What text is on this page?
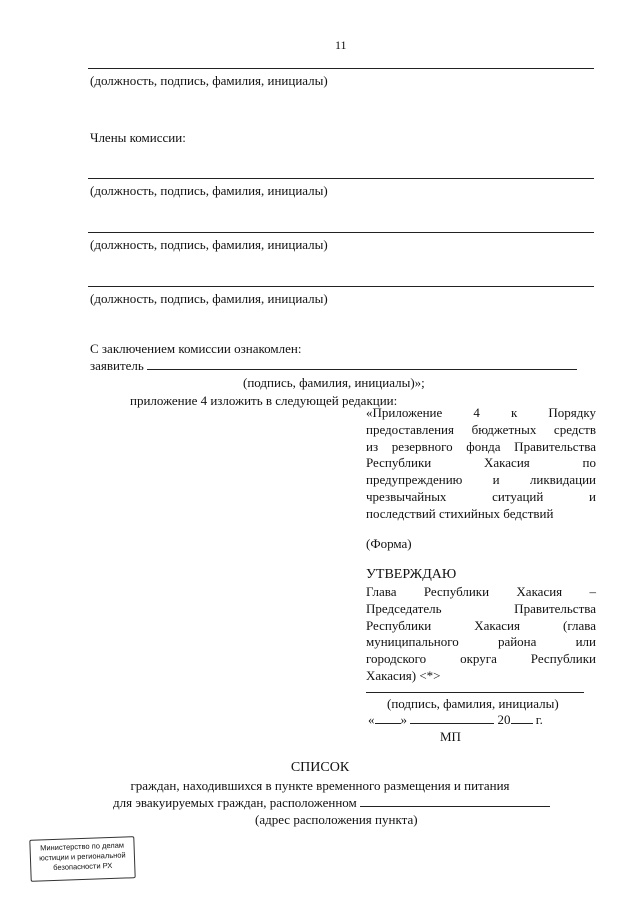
11
(должность, подпись, фамилия, инициалы)
Члены комиссии:
(должность, подпись, фамилия, инициалы)
(должность, подпись, фамилия, инициалы)
(должность, подпись, фамилия, инициалы)
С заключением комиссии ознакомлен:
заявитель
(подпись, фамилия, инициалы)»;
приложение 4 изложить в следующей редакции:
«Приложение 4 к Порядку
предоставления бюджетных средств
из резервного фонда Правительства
Республики Хакасия по
предупреждению и ликвидации
чрезвычайных ситуаций и
последствий стихийных бедствий
(Форма)
УТВЕРЖДАЮ
Глава Республики Хакасия –
Председатель Правительства
Республики Хакасия (глава
муниципального района или
городского округа Республики
Хакасия) <*>
(подпись, фамилия, инициалы)
« »	20 г.
МП
СПИСОК
граждан, находившихся в пункте временного размещения и питания
для эвакуируемых граждан, расположенном
(адрес расположения пункта)
Министерство по делам
юстиции и региональной
безопасности РХ
